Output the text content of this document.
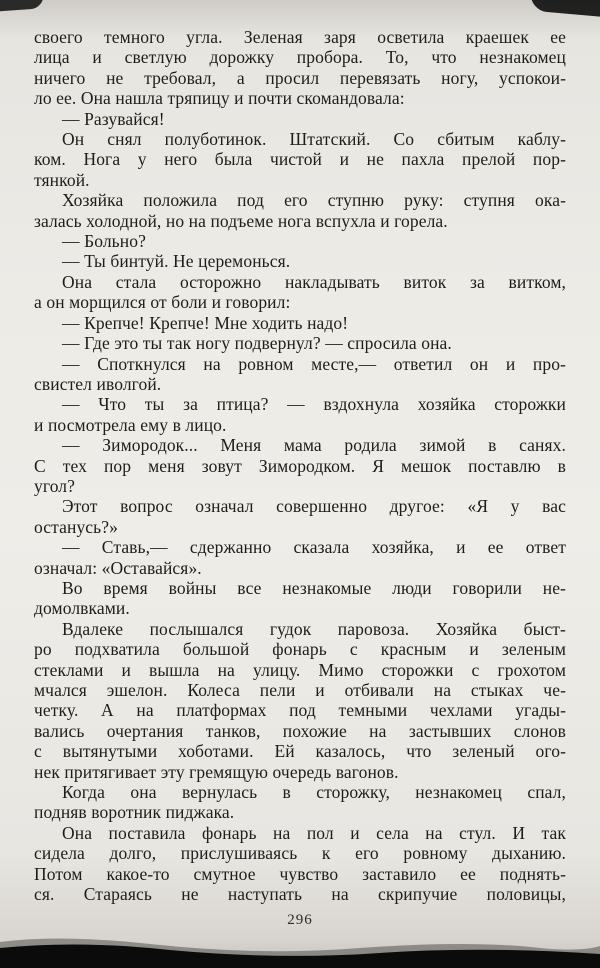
своего темного угла. Зеленая заря осветила краешек ее
лица и светлую дорожку пробора. То, что незнакомец
ничего не требовал, а просил перевязать ногу, успокои-
ло ее. Она нашла тряпицу и почти скомандовала:
— Разувайся!
Он снял полуботинок. Штатский. Со сбитым каблу-
ком. Нога у него была чистой и не пахла прелой пор-
тянкой.
Хозяйка положила под его ступню руку: ступня ока-
залась холодной, но на подъеме нога вспухла и горела.
— Больно?
— Ты бинтуй. Не церемонься.
Она стала осторожно накладывать виток за витком,
а он морщился от боли и говорил:
— Крепче! Крепче! Мне ходить надо!
— Где это ты так ногу подвернул? — спросила она.
— Споткнулся на ровном месте,— ответил он и про-
свистел иволгой.
— Что ты за птица? — вздохнула хозяйка сторожки
и посмотрела ему в лицо.
— Зимородок... Меня мама родила зимой в санях.
С тех пор меня зовут Зимородком. Я мешок поставлю в
угол?
Этот вопрос означал совершенно другое: «Я у вас
останусь?»
— Ставь,— сдержанно сказала хозяйка, и ее ответ
означал: «Оставайся».
Во время войны все незнакомые люди говорили не-
домолвками.
Вдалеке послышался гудок паровоза. Хозяйка быст-
ро подхватила большой фонарь с красным и зеленым
стеклами и вышла на улицу. Мимо сторожки с грохотом
мчался эшелон. Колеса пели и отбивали на стыках че-
четку. А на платформах под темными чехлами угады-
вались очертания танков, похожие на застывших слонов
с вытянутыми хоботами. Ей казалось, что зеленый ого-
нек притягивает эту гремящую очередь вагонов.
Когда она вернулась в сторожку, незнакомец спал,
подняв воротник пиджака.
Она поставила фонарь на пол и села на стул. И так
сидела долго, прислушиваясь к его ровному дыханию.
Потом какое-то смутное чувство заставило ее поднять-
ся. Стараясь не наступать на скрипучие половицы,
296
